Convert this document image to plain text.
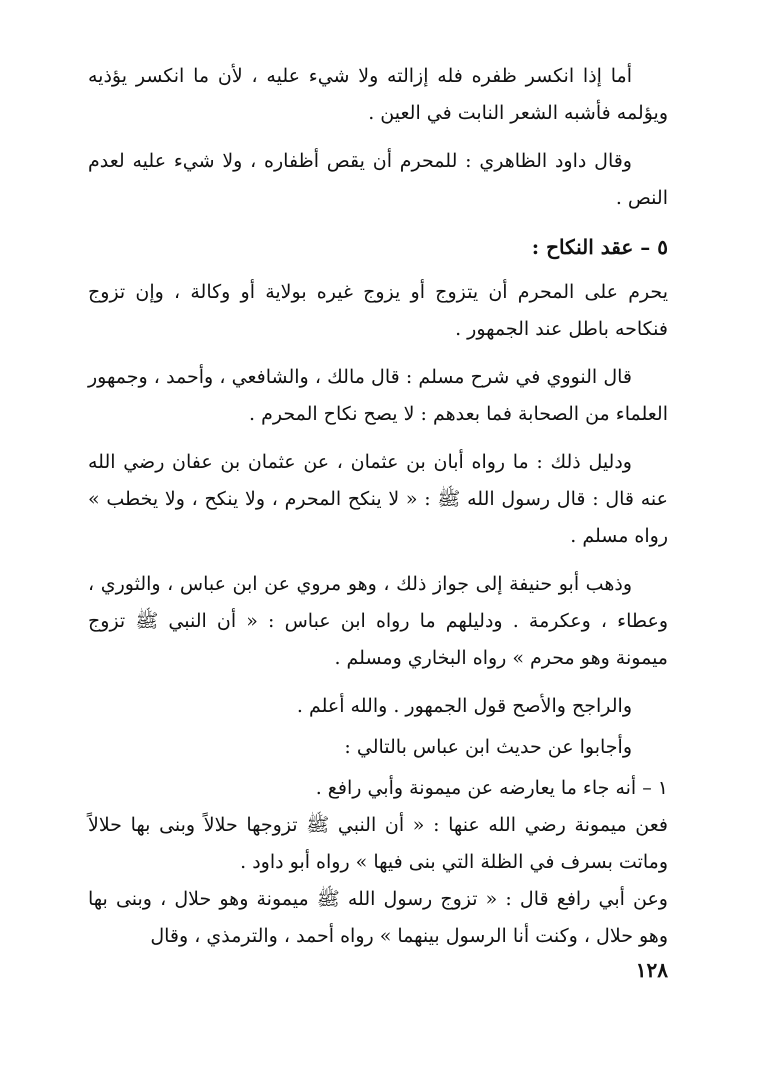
أما إذا انكسر ظفره فله إزالته ولا شيء عليه ، لأن ما انكسر يؤذيه ويؤلمه فأشبه الشعر النابت في العين .

وقال داود الظاهري : للمحرم أن يقص أظفاره ، ولا شيء عليه لعدم النص .

٥ – عقد النكاح :

يحرم على المحرم أن يتزوج أو يزوج غيره بولاية أو وكالة ، وإن تزوج فنكاحه باطل عند الجمهور .

قال النووي في شرح مسلم : قال مالك ، والشافعي ، وأحمد ، وجمهور العلماء من الصحابة فما بعدهم : لا يصح نكاح المحرم .

ودليل ذلك : ما رواه أبان بن عثمان ، عن عثمان بن عفان رضي الله عنه قال : قال رسول الله ﷺ : « لا ينكح المحرم ، ولا ينكح ، ولا يخطب » رواه مسلم .

وذهب أبو حنيفة إلى جواز ذلك ، وهو مروي عن ابن عباس ، والثوري ، وعطاء ، وعكرمة . ودليلهم ما رواه ابن عباس : « أن النبي ﷺ تزوج ميمونة وهو محرم » رواه البخاري ومسلم .

والراجح والأصح قول الجمهور . والله أعلم .

وأجابوا عن حديث ابن عباس بالتالي :

١ – أنه جاء ما يعارضه عن ميمونة وأبي رافع .

فعن ميمونة رضي الله عنها : « أن النبي ﷺ تزوجها حلالاً وبنى بها حلالاً وماتت بسرف في الظلة التي بنى فيها » رواه أبو داود .

وعن أبي رافع قال : « تزوج رسول الله ﷺ ميمونة وهو حلال ، وبنى بها وهو حلال ، وكنت أنا الرسول بينهما » رواه أحمد ، والترمذي ، وقال

١٢٨
